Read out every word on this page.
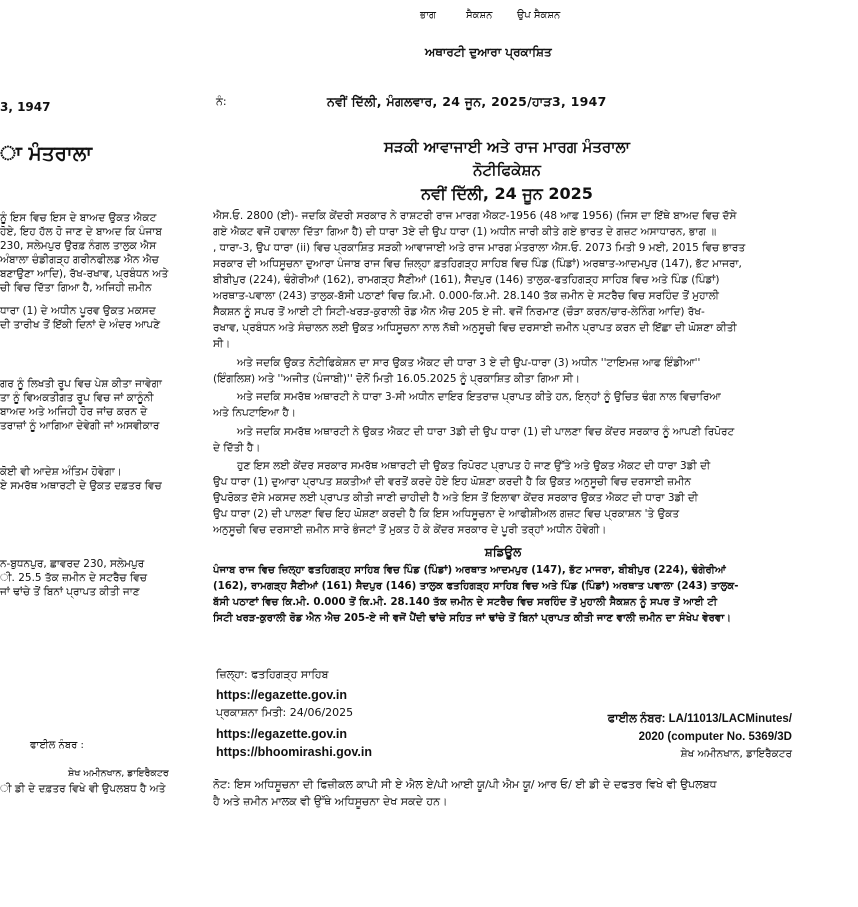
ਭਾਗ	ਸੈਕਸ਼ਨ ਉਪ ਸੈਕਸ਼ਨ
ਅਥਾਰਟੀ ਦੁਆਰਾ ਪ੍ਰਕਾਸ਼ਿਤ
ਨੰ:	ਨਵੀਂ ਦਿੱਲੀ, ਮੰਗਲਵਾਰ, 24 ਜੂਨ, 2025/ਹਾੜ3, 1947
3, 1947
ਾ ਮੰਤਰਾਲਾ
ਨੂੰ ਇਸ ਵਿਚ ਇਸ ਦੇ ਬਾਅਦ ਉਕਤ ਐਕਟ
ਹੋਏ, ਇਹ ਹੱਲ ਹੋ ਜਾਣ ਦੇ ਬਾਅਦ ਕਿ ਪੰਜਾਬ
230, ਸਲੇਮਪੁਰ ਉਰਫ਼ ਨੰਗਲ ਤਾਲੁਕ ਐਸ
ਅੰਬਾਲਾ ਚੰਡੀਗੜ੍ਹ ਗਰੀਨਫੀਲਡ ਐਨ ਐਚ
ਬਣਾਉਣਾ ਆਦਿ), ਰੱਖ-ਰਖਾਵ, ਪ੍ਰਬੰਧਨ ਅਤੇ
ਚੀ ਵਿਚ ਦਿੱਤਾ ਗਿਆ ਹੈ, ਅਜਿਹੀ ਜ਼ਮੀਨ
ਧਾਰਾ (1) ਦੇ ਅਧੀਨ ਪੂਰਵ ਉਕਤ ਮਕਸਦ
ਦੀ ਤਾਰੀਖ ਤੋਂ ਇੱਕੀ ਦਿਨਾਂ ਦੇ ਅੰਦਰ ਆਪਣੇ
ਗਰ ਨੂੰ ਲਿਖਤੀ ਰੂਪ ਵਿਚ ਪੇਸ਼ ਕੀਤਾ ਜਾਵੇਗਾ
ਤਾ ਨੂੰ ਵਿਅਕਤੀਗਤ ਰੂਪ ਵਿਚ ਜਾਂ ਕਾਨੂੰਨੀ
ਬਾਅਦ ਅਤੇ ਅਜਿਹੀ ਹੋਰ ਜਾਂਚ ਕਰਨ ਦੇ
ਤਰਾਜ਼ਾਂ ਨੂੰ ਆਗਿਆ ਦੇਵੇਗੀ ਜਾਂ ਅਸਵੀਕਾਰ
ਕੋਈ ਵੀ ਆਦੇਸ਼ ਅੰਤਿਮ ਹੋਵੇਗਾ।
ਏ ਸਮਰੱਥ ਅਥਾਰਟੀ ਦੇ ਉਕਤ ਦਫ਼ਤਰ ਵਿਚ
ਨ-ਬੁਧਨਪੁਰ, ਛਾਵਰਦ 230, ਸਲੇਮਪੁਰ
ੀ. 25.5 ਤੱਕ ਜ਼ਮੀਨ ਦੇ ਸਟਰੈਚ ਵਿਚ
ਜਾਂ ਢਾਂਚੇ ਤੋਂ ਬਿਨਾਂ ਪ੍ਰਾਪਤ ਕੀਤੀ ਜਾਣ
ਫਾਈਲ ਨੰਬਰ :
ਸ਼ੇਖ ਅਮੀਨਖਾਨ, ਡਾਇਰੈਕਟਰ
ੀ ਡੀ ਦੇ ਦਫ਼ਤਰ ਵਿਖੇ ਵੀ ਉਪਲਬਧ ਹੈ ਅਤੇ
ਸੜਕੀ ਆਵਾਜਾਈ ਅਤੇ ਰਾਜ ਮਾਰਗ ਮੰਤਰਾਲਾ
ਨੋਟੀਫਿਕੇਸ਼ਨ
ਨਵੀਂ ਦਿੱਲੀ, 24 ਜੂਨ 2025
ਐਸ.ਓ. 2800 (ਈ)- ਜਦਕਿ ਕੇਂਦਰੀ ਸਰਕਾਰ ਨੇ ਰਾਸ਼ਟਰੀ ਰਾਜ ਮਾਰਗ ਐਕਟ-1956 (48 ਆਫ 1956) (ਜਿਸ ਦਾ ਇੱਥੇ ਬਾਅਦ ਵਿਚ ਦੱਸੇ
ਗਏ ਐਕਟ ਵਜੋਂ ਹਵਾਲਾ ਦਿੱਤਾ ਗਿਆ ਹੈ) ਦੀ ਧਾਰਾ 3ਏ ਦੀ ਉਪ ਧਾਰਾ (1) ਅਧੀਨ ਜਾਰੀ ਕੀਤੇ ਗਏ ਭਾਰਤ ਦੇ ਗਜ਼ਟ ਅਸਾਧਾਰਨ, ਭਾਗ ॥
, ਧਾਰਾ-3, ਉਪ ਧਾਰਾ (ii) ਵਿਚ ਪ੍ਰਕਾਸ਼ਿਤ ਸੜਕੀ ਆਵਾਜਾਈ ਅਤੇ ਰਾਜ ਮਾਰਗ ਮੰਤਰਾਲਾ ਐਸ.ਓ. 2073 ਮਿਤੀ 9 ਮਈ, 2015 ਵਿਚ ਭਾਰਤ
ਸਰਕਾਰ ਦੀ ਅਧਿਸੂਚਨਾ ਦੁਆਰਾ ਪੰਜਾਬ ਰਾਜ ਵਿਚ ਜ਼ਿਲ੍ਹਾ ਫ਼ਤਹਿਗੜ੍ਹ ਸਾਹਿਬ ਵਿਚ ਪਿੰਡ (ਪਿੰਡਾਂ) ਅਰਥਾਤ-ਆਦਮਪੁਰ (147), ਭੱਟ ਮਾਜਰਾ,
ਬੀਬੀਪੁਰ (224), ਢੰਗੇਰੀਆਂ (162), ਰਾਮਗੜ੍ਹ ਸੈਣੀਆਂ (161), ਸੈਦਪੁਰ (146) ਤਾਲੁਕ-ਫਤਹਿਗੜ੍ਹ ਸਾਹਿਬ ਵਿਚ ਅਤੇ ਪਿੰਡ (ਪਿੰਡਾਂ)
ਅਰਥਾਤ-ਪਵਾਲਾ (243) ਤਾਲੁਕ-ਬੱਸੀ ਪਠਾਣਾਂ ਵਿਚ ਕਿ.ਮੀ. 0.000-ਕਿ.ਮੀ. 28.140 ਤੱਕ ਜ਼ਮੀਨ ਦੇ ਸਟਰੈਚ ਵਿਚ ਸਰਹਿੰਦ ਤੋਂ ਮੁਹਾਲੀ
ਸੈਕਸ਼ਨ ਨੂੰ ਸਪਰ ਤੋਂ ਆਈ ਟੀ ਸਿਟੀ-ਖਰੜ-ਕੁਰਾਲੀ ਰੋਡ ਐਨ ਐਚ 205 ਏ ਜੀ. ਵਜੋਂ ਨਿਰਮਾਣ (ਚੌੜਾ ਕਰਨ/ਚਾਰ-ਲੇਨਿੰਗ ਆਦਿ) ਰੱਖ-
ਰਖਾਵ, ਪ੍ਰਬੰਧਨ ਅਤੇ ਸੰਚਾਲਨ ਲਈ ਉਕਤ ਅਧਿਸੂਚਨਾ ਨਾਲ ਨੱਥੀ ਅਨੁਸੂਚੀ ਵਿਚ ਦਰਸਾਈ ਜ਼ਮੀਨ ਪ੍ਰਾਪਤ ਕਰਨ ਦੀ ਇੱਛਾ ਦੀ ਘੋਸ਼ਣਾ ਕੀਤੀ
ਸੀ।
ਅਤੇ ਜਦਕਿ ਉਕਤ ਨੋਟੀਫਿਕੇਸ਼ਨ ਦਾ ਸਾਰ ਉਕਤ ਐਕਟ ਦੀ ਧਾਰਾ 3 ਏ ਦੀ ਉਪ-ਧਾਰਾ (3) ਅਧੀਨ ''ਟਾਇਮਜ਼ ਆਫ ਇੰਡੀਆ''
(ਇੰਗਲਿਸ਼) ਅਤੇ ''ਅਜੀਤ (ਪੰਜਾਬੀ)'' ਦੋਨੋਂ ਮਿਤੀ 16.05.2025 ਨੂੰ ਪ੍ਰਕਾਸ਼ਿਤ ਕੀਤਾ ਗਿਆ ਸੀ।
ਅਤੇ ਜਦਕਿ ਸਮਰੱਥ ਅਥਾਰਟੀ ਨੇ ਧਾਰਾ 3-ਸੀ ਅਧੀਨ ਦਾਇਰ ਇਤਰਾਜ਼ ਪ੍ਰਾਪਤ ਕੀਤੇ ਹਨ, ਇਨ੍ਹਾਂ ਨੂੰ ਉਚਿਤ ਢੰਗ ਨਾਲ ਵਿਚਾਰਿਆ
ਅਤੇ ਨਿਪਟਾਇਆ ਹੈ।
ਅਤੇ ਜਦਕਿ ਸਮਰੱਥ ਅਥਾਰਟੀ ਨੇ ਉਕਤ ਐਕਟ ਦੀ ਧਾਰਾ 3ਡੀ ਦੀ ਉਪ ਧਾਰਾ (1) ਦੀ ਪਾਲਣਾ ਵਿਚ ਕੇਂਦਰ ਸਰਕਾਰ ਨੂੰ ਆਪਣੀ ਰਿਪੋਰਟ
ਦੇ ਦਿੱਤੀ ਹੈ।
ਹੁਣ ਇਸ ਲਈ ਕੇਂਦਰ ਸਰਕਾਰ ਸਮਰੱਥ ਅਥਾਰਟੀ ਦੀ ਉਕਤ ਰਿਪੋਰਟ ਪ੍ਰਾਪਤ ਹੋ ਜਾਣ ਉੱਤੇ ਅਤੇ ਉਕਤ ਐਕਟ ਦੀ ਧਾਰਾ 3ਡੀ ਦੀ
ਉਪ ਧਾਰਾ (1) ਦੁਆਰਾ ਪ੍ਰਾਪਤ ਸ਼ਕਤੀਆਂ ਦੀ ਵਰਤੋਂ ਕਰਦੇ ਹੋਏ ਇਹ ਘੋਸ਼ਣਾ ਕਰਦੀ ਹੈ ਕਿ ਉਕਤ ਅਨੁਸੂਚੀ ਵਿਚ ਦਰਸਾਈ ਜ਼ਮੀਨ
ਉਪਰੋਕਤ ਦੱਸੇ ਮਕਸਦ ਲਈ ਪ੍ਰਾਪਤ ਕੀਤੀ ਜਾਣੀ ਚਾਹੀਦੀ ਹੈ ਅਤੇ ਇਸ ਤੋਂ ਇਲਾਵਾ ਕੇਂਦਰ ਸਰਕਾਰ ਉਕਤ ਐਕਟ ਦੀ ਧਾਰਾ 3ਡੀ ਦੀ
ਉਪ ਧਾਰਾ (2) ਦੀ ਪਾਲਣਾ ਵਿਚ ਇਹ ਘੋਸ਼ਣਾ ਕਰਦੀ ਹੈ ਕਿ ਇਸ ਅਧਿਸੂਚਨਾ ਦੇ ਆਫੀਸ਼ੀਅਲ ਗਜ਼ਟ ਵਿਚ ਪ੍ਰਕਾਸ਼ਨ 'ਤੇ ਉਕਤ
ਅਨੁਸੂਚੀ ਵਿਚ ਦਰਸਾਈ ਜ਼ਮੀਨ ਸਾਰੇ ਭੰਜਟਾਂ ਤੋਂ ਮੁਕਤ ਹੋ ਕੇ ਕੇਂਦਰ ਸਰਕਾਰ ਦੇ ਪੂਰੀ ਤਰ੍ਹਾਂ ਅਧੀਨ ਹੋਵੇਗੀ।
ਸ਼ਡਿਊਲ
ਪੰਜਾਬ ਰਾਜ ਵਿਚ ਜ਼ਿਲ੍ਹਾ ਫਤਹਿਗੜ੍ਹ ਸਾਹਿਬ ਵਿਚ ਪਿੰਡ (ਪਿੰਡਾਂ) ਅਰਥਾਤ ਆਦਮਪੁਰ (147), ਭੱਟ ਮਾਜਰਾ, ਬੀਬੀਪੁਰ (224), ਢੰਗੇਰੀਆਂ
(162), ਰਾਮਗੜ੍ਹ ਸੈਣੀਆਂ (161) ਸੈਦਪੁਰ (146) ਤਾਲੁਕ ਫਤਹਿਗੜ੍ਹ ਸਾਹਿਬ ਵਿਚ ਅਤੇ ਪਿੰਡ (ਪਿੰਡਾਂ) ਅਰਥਾਤ ਪਵਾਲਾ (243) ਤਾਲੁਕ-
ਬੱਸੀ ਪਠਾਣਾਂ ਵਿਚ ਕਿ.ਮੀ. 0.000 ਤੋਂ ਕਿ.ਮੀ. 28.140 ਤੱਕ ਜ਼ਮੀਨ ਦੇ ਸਟਰੈਚ ਵਿਚ ਸਰਹਿੰਦ ਤੋਂ ਮੁਹਾਲੀ ਸੈਕਸ਼ਨ ਨੂੰ ਸਪਰ ਤੋਂ ਆਈ ਟੀ
ਸਿਟੀ ਖਰੜ-ਕੁਰਾਲੀ ਰੋਡ ਐਨ ਐਚ 205-ਏ ਜੀ ਵਜੋਂ ਪੈਂਦੀ ਢਾਂਚੇ ਸਹਿਤ ਜਾਂ ਢਾਂਚੇ ਤੋਂ ਬਿਨਾਂ ਪ੍ਰਾਪਤ ਕੀਤੀ ਜਾਣ ਵਾਲੀ ਜ਼ਮੀਨ ਦਾ ਸੰਖੇਪ ਵੇਰਵਾ।
ਜ਼ਿਲ੍ਹਾ: ਫਤਹਿਗੜ੍ਹ ਸਾਹਿਬ
https://egazette.gov.in
ਪ੍ਰਕਾਸ਼ਨਾ ਮਿਤੀ: 24/06/2025
https://egazette.gov.in
https://bhoomirashi.gov.in
ਫਾਈਲ ਨੰਬਰ: LA/11013/LACMinutes/
2020 (computer No. 5369/3D
ਸ਼ੇਖ ਅਮੀਨਖਾਨ, ਡਾਇਰੈਕਟਰ
ਨੋਟ: ਇਸ ਅਧਿਸੂਚਨਾ ਦੀ ਫਿਜ਼ੀਕਲ ਕਾਪੀ ਸੀ ਏ ਐਲ ਏ/ਪੀ ਆਈ ਯੂ/ਪੀ ਐਮ ਯੂ/ ਆਰ ਓ/ ਈ ਡੀ ਦੇ ਦਫਤਰ ਵਿਖੇ ਵੀ ਉਪਲਬਧ
ਹੈ ਅਤੇ ਜ਼ਮੀਨ ਮਾਲਕ ਵੀ ਉੱਥੇ ਅਧਿਸੂਚਨਾ ਦੇਖ ਸਕਦੇ ਹਨ।
